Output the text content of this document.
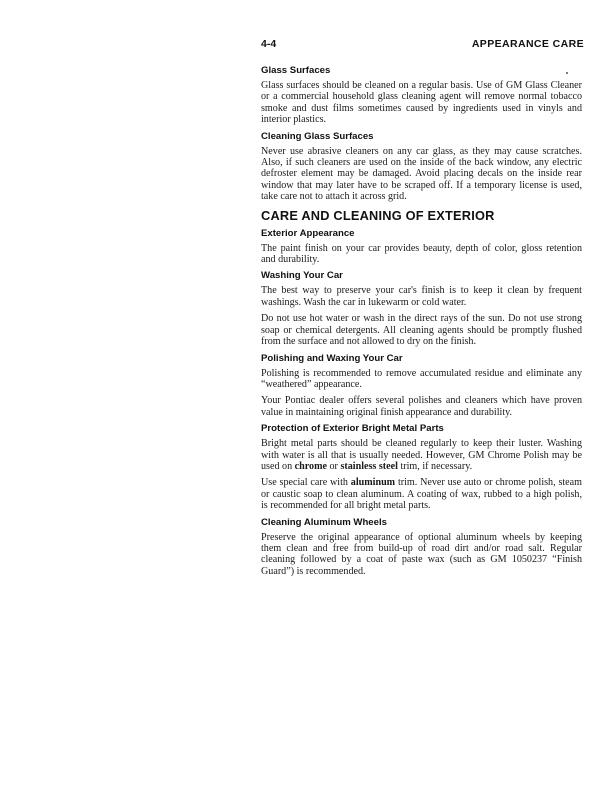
4-4	APPEARANCE CARE
Glass Surfaces

Glass surfaces should be cleaned on a regular basis. Use of GM Glass Cleaner or a commercial household glass cleaning agent will remove normal tobacco smoke and dust films sometimes caused by ingredients used in vinyls and interior plastics.

Cleaning Glass Surfaces

Never use abrasive cleaners on any car glass, as they may cause scratches. Also, if such cleaners are used on the inside of the back window, any electric defroster element may be damaged. Avoid placing decals on the inside rear window that may later have to be scraped off. If a temporary license is used, take care not to attach it across grid.

CARE AND CLEANING OF EXTERIOR
Exterior Appearance

The paint finish on your car provides beauty, depth of color, gloss retention and durability.

Washing Your Car

The best way to preserve your car's finish is to keep it clean by frequent washings. Wash the car in lukewarm or cold water.

Do not use hot water or wash in the direct rays of the sun. Do not use strong soap or chemical detergents. All cleaning agents should be promptly flushed from the surface and not allowed to dry on the finish.

Polishing and Waxing Your Car

Polishing is recommended to remove accumulated residue and eliminate any “weathered” appearance.

Your Pontiac dealer offers several polishes and cleaners which have proven value in maintaining original finish appearance and durability.

Protection of Exterior Bright Metal Parts

Bright metal parts should be cleaned regularly to keep their luster. Washing with water is all that is usually needed. However, GM Chrome Polish may be used on chrome or stainless steel trim, if necessary.

Use special care with aluminum trim. Never use auto or chrome polish, steam or caustic soap to clean aluminum. A coating of wax, rubbed to a high polish, is recommended for all bright metal parts.

Cleaning Aluminum Wheels

Preserve the original appearance of optional aluminum wheels by keeping them clean and free from build-up of road dirt and/or road salt. Regular cleaning followed by a coat of paste wax (such as GM 1050237 “Finish Guard”) is recommended.
